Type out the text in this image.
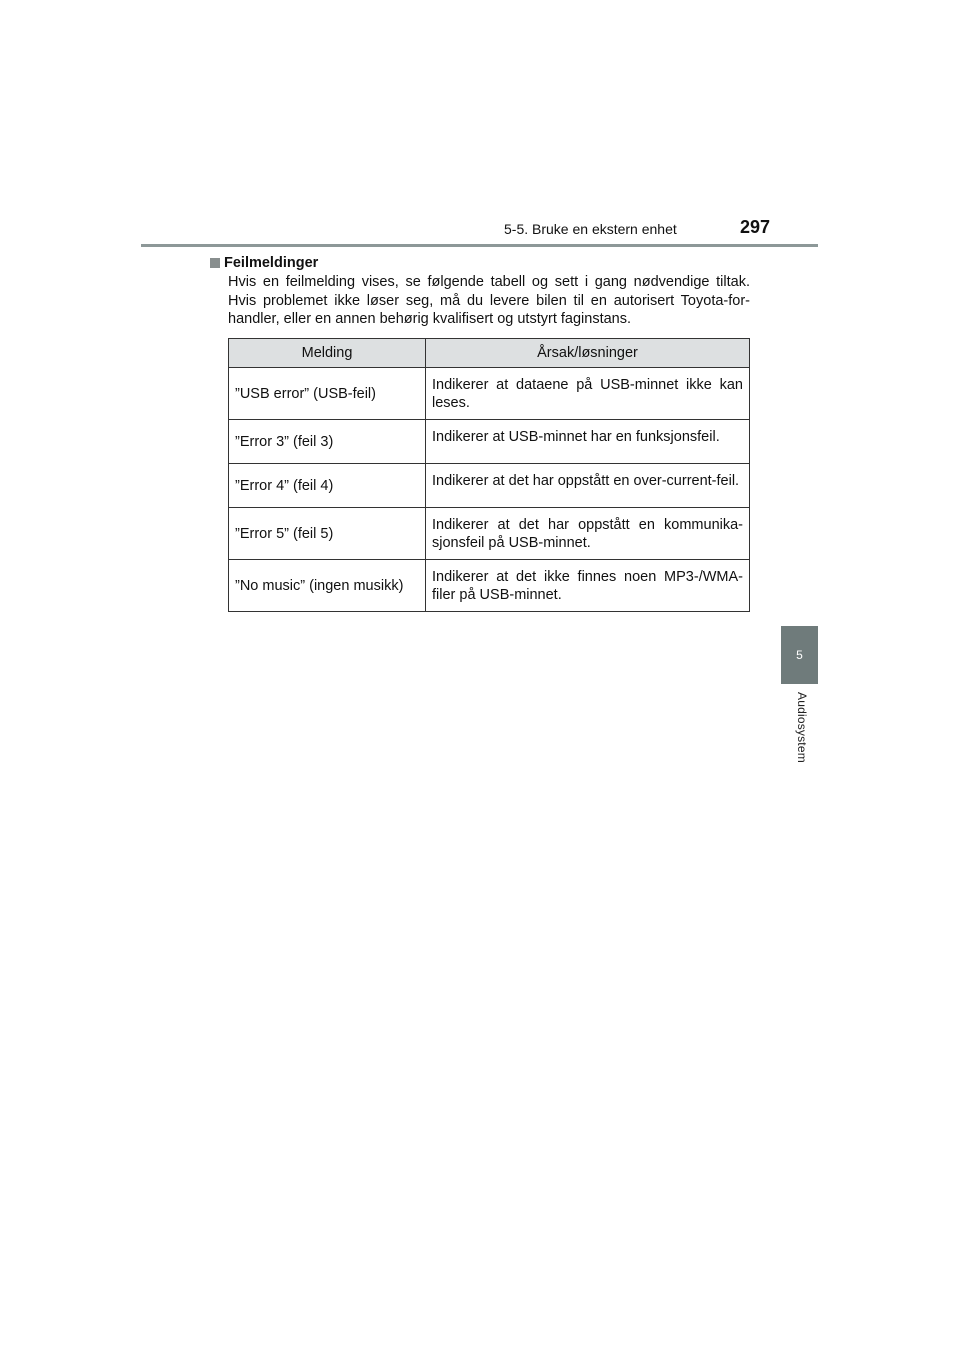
5-5. Bruke en ekstern enhet	297
5
Audiosystem
Feilmeldinger
Hvis en feilmelding vises, se følgende tabell og sett i gang nødvendige tiltak. Hvis problemet ikke løser seg, må du levere bilen til en autorisert Toyota-for-handler, eller en annen behørig kvalifisert og utstyrt faginstans.
Melding	Årsak/løsninger
”USB error” (USB-feil)	Indikerer at dataene på USB-minnet ikke kan leses.
”Error 3” (feil 3)	Indikerer at USB-minnet har en funksjonsfeil.
”Error 4” (feil 4)	Indikerer at det har oppstått en over-current-feil.
”Error 5” (feil 5)	Indikerer at det har oppstått en kommunika-sjonsfeil på USB-minnet.
”No music” (ingen musikk)	Indikerer at det ikke finnes noen MP3-/WMA-filer på USB-minnet.
